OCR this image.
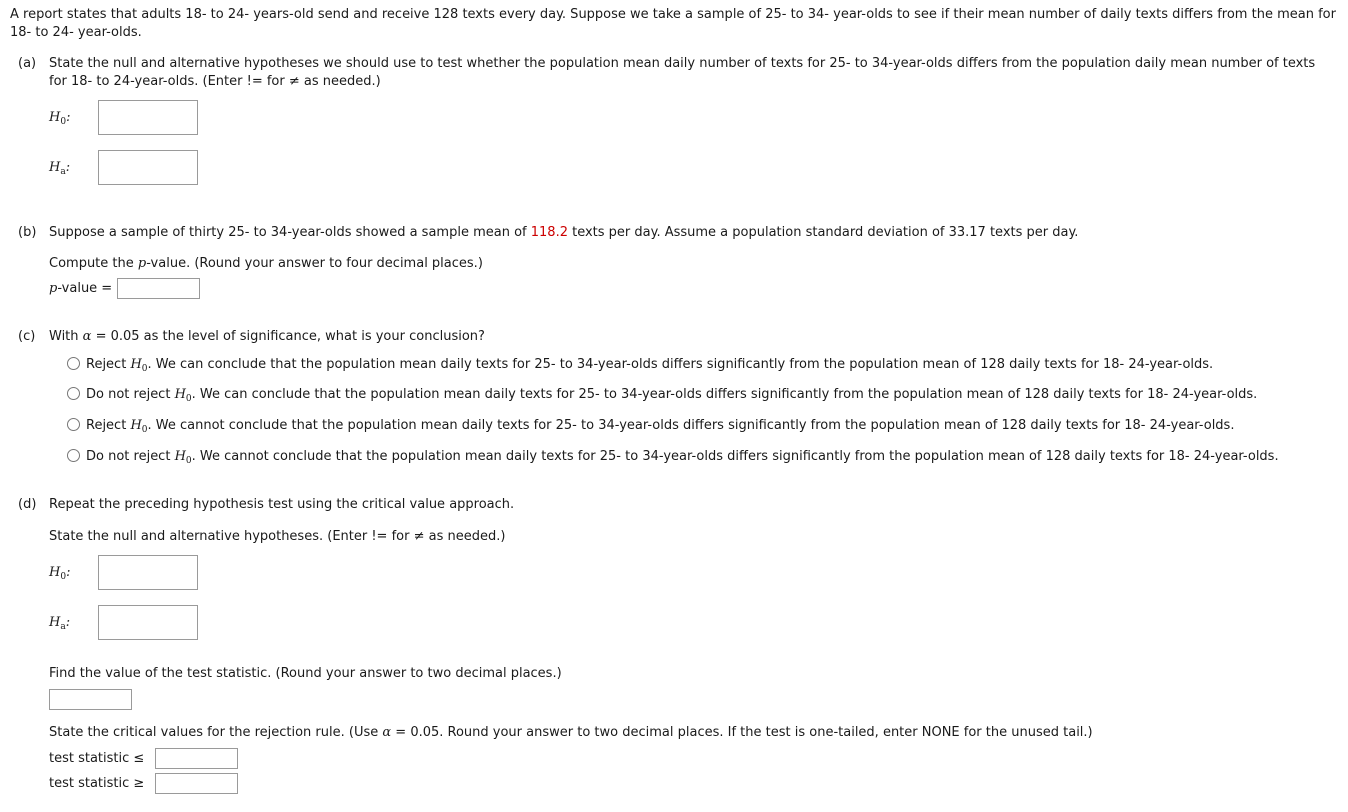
A report states that adults 18- to 24- years-old send and receive 128 texts every day. Suppose we take a sample of 25- to 34- year-olds to see if their mean number of daily texts differs from the mean for 18- to 24- year-olds.
(a) State the null and alternative hypotheses we should use to test whether the population mean daily number of texts for 25- to 34-year-olds differs from the population daily mean number of texts
for 18- to 24-year-olds. (Enter != for ≠ as needed.)
$H_0$:
$H_a$:
(b) Suppose a sample of thirty 25- to 34-year-olds showed a sample mean of 118.2 texts per day. Assume a population standard deviation of 33.17 texts per day.
Compute the p-value. (Round your answer to four decimal places.)
p-value =
(c) With α = 0.05 as the level of significance, what is your conclusion?
Reject $H_0$. We can conclude that the population mean daily texts for 25- to 34-year-olds differs significantly from the population mean of 128 daily texts for 18- 24-year-olds.
Do not reject $H_0$. We can conclude that the population mean daily texts for 25- to 34-year-olds differs significantly from the population mean of 128 daily texts for 18- 24-year-olds.
Reject $H_0$. We cannot conclude that the population mean daily texts for 25- to 34-year-olds differs significantly from the population mean of 128 daily texts for 18- 24-year-olds.
Do not reject $H_0$. We cannot conclude that the population mean daily texts for 25- to 34-year-olds differs significantly from the population mean of 128 daily texts for 18- 24-year-olds.
(d) Repeat the preceding hypothesis test using the critical value approach.
State the null and alternative hypotheses. (Enter != for ≠ as needed.)
$H_0$:
$H_a$:
Find the value of the test statistic. (Round your answer to two decimal places.)
State the critical values for the rejection rule. (Use α = 0.05. Round your answer to two decimal places. If the test is one-tailed, enter NONE for the unused tail.)
test statistic ≤
test statistic ≥
